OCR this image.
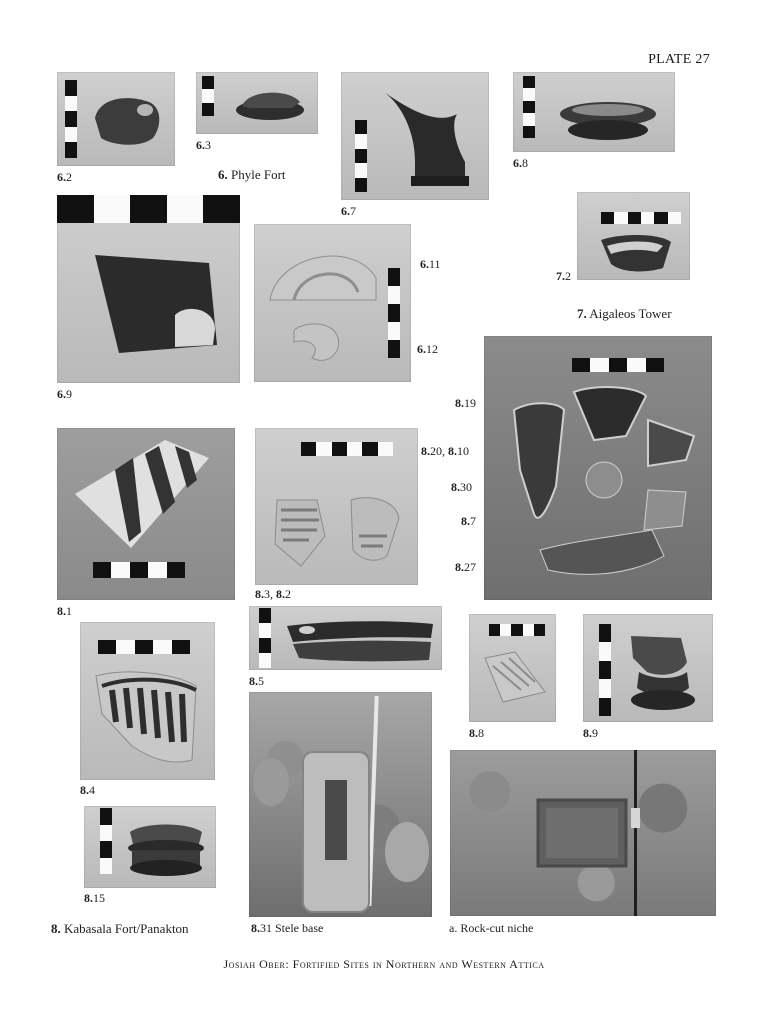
PLATE 27
6.2
6.3
6. Phyle Fort
6.7
6.8
6.9
6.11
6.12
7.2
7. Aigaleos Tower
8.19
8.20, 8.10
8.30
8.7
8.27
8.1
8.3, 8.2
8.5
8.8	8.9
8.4
8.15
8. Kabasala Fort/Panakton	8.31 Stele base	a. Rock-cut niche
Josiah Ober: Fortified Sites in Northern and Western Attica
